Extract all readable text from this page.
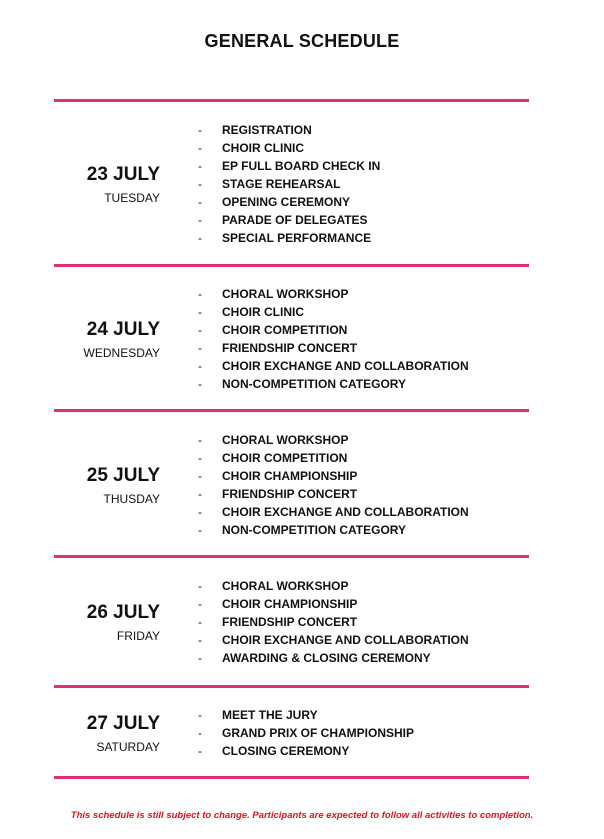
GENERAL SCHEDULE
23 JULY
TUESDAY
- REGISTRATION
- CHOIR CLINIC
- EP FULL BOARD CHECK IN
- STAGE REHEARSAL
- OPENING CEREMONY
- PARADE OF DELEGATES
- SPECIAL PERFORMANCE
24 JULY
WEDNESDAY
- CHORAL WORKSHOP
- CHOIR CLINIC
- CHOIR COMPETITION
- FRIENDSHIP CONCERT
- CHOIR EXCHANGE AND COLLABORATION
- NON-COMPETITION CATEGORY
25 JULY
THUSDAY
- CHORAL WORKSHOP
- CHOIR COMPETITION
- CHOIR CHAMPIONSHIP
- FRIENDSHIP CONCERT
- CHOIR EXCHANGE AND COLLABORATION
- NON-COMPETITION CATEGORY
26 JULY
FRIDAY
- CHORAL WORKSHOP
- CHOIR CHAMPIONSHIP
- FRIENDSHIP CONCERT
- CHOIR EXCHANGE AND COLLABORATION
- AWARDING & CLOSING CEREMONY
27 JULY
SATURDAY
- MEET THE JURY
- GRAND PRIX OF CHAMPIONSHIP
- CLOSING CEREMONY
This schedule is still subject to change. Participants are expected to follow all activities to completion.
